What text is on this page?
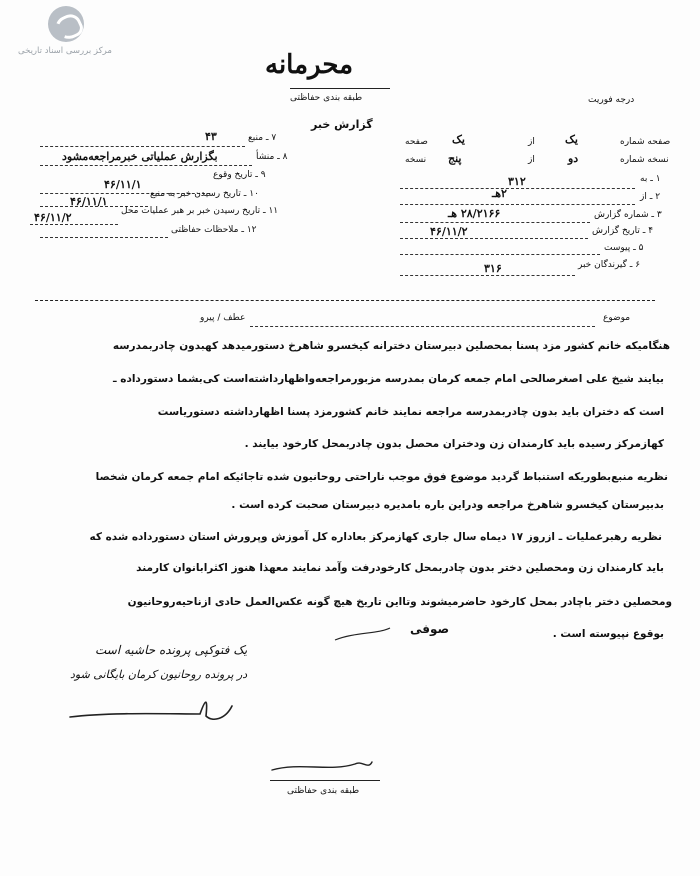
مرکز بررسی اسناد تاریخی	محرمانه
طبقه بندی حفاظتی	درجه فوریت
گزارش خبر
۷ ـ منبع
۴۳
۸ ـ منشأ
بگزارش عملیاتی خبرمراجعه‌مشود
۹ ـ تاریخ وقوع
۴۶/۱۱/۱
۱۰ ـ تاریخ رسیدن خبر به منبع
۴۶/۱۱/۱
۱۱ ـ تاریخ رسیدن خبر بر هبر عملیات محل
۴۶/۱۱/۲
۱۲ ـ ملاحظات حفاظتی
صفحه شماره
یک
از
یک
صفحه
نسخه شماره
دو
از
پنج
نسخه
۱ ـ به
۳۱۲
۲ ـ از
۲هـ
۳ ـ شماره گزارش
۲۸/۲۱۶۶ هـ
۴ ـ تاریخ گزارش
۴۶/۱۱/۲
۵ ـ پیوست
۶ ـ گیرندگان خبر
۳۱۶
موضوع
عطف / پیرو
هنگامیکه خانم کشور مزد پسنا بمحصلین دبیرستان دخترانه کیخسرو شاهرخ دستورمیدهد کهبدون چادربمدرسه
بیایند شیخ علی اصغرصالحی امام جمعه کرمان بمدرسه مزبورمراجعه‌واظهارداشته‌است کی‌بشما دستورداده ـ
است که دختران باید بدون چادربمدرسه مراجعه نمایند خانم کشورمزد پسنا اظهارداشته دستوریاست
کهازمرکز رسیده باید کارمندان زن ودختران محصل بدون چادربمحل کارخود بیایند .
نظریه منبع‌بطوریکه استنباط گردید موضوع فوق موجب ناراحتی روحانیون شده تاجائیکه امام جمعه کرمان شخصا
بدبیرستان کیخسرو شاهرخ مراجعه ودراین باره بامدیره دبیرستان صحبت کرده است .
نظریه رهبرعملیات ـ ازروز ۱۷ دیماه سال جاری کهازمرکز بعاداره کل آموزش وپرورش استان دستورداده شده که
باید کارمندان زن ومحصلین دختر بدون چادربمحل کارخودرفت وآمد نمایند معهذا هنوز اکثرابانوان کارمند
ومحصلین دختر باچادر بمحل کارخود حاضرمیشوند وتااین تاریخ هیچ گونه عکس‌العمل حادی ازناحیه‌روحانیون
بوقوع نپیوسته است .
صوفی
یک فتوکپی پرونده حاشیه است
در پرونده روحانیون کرمان بایگانی شود
طبقه بندی حفاظتی
